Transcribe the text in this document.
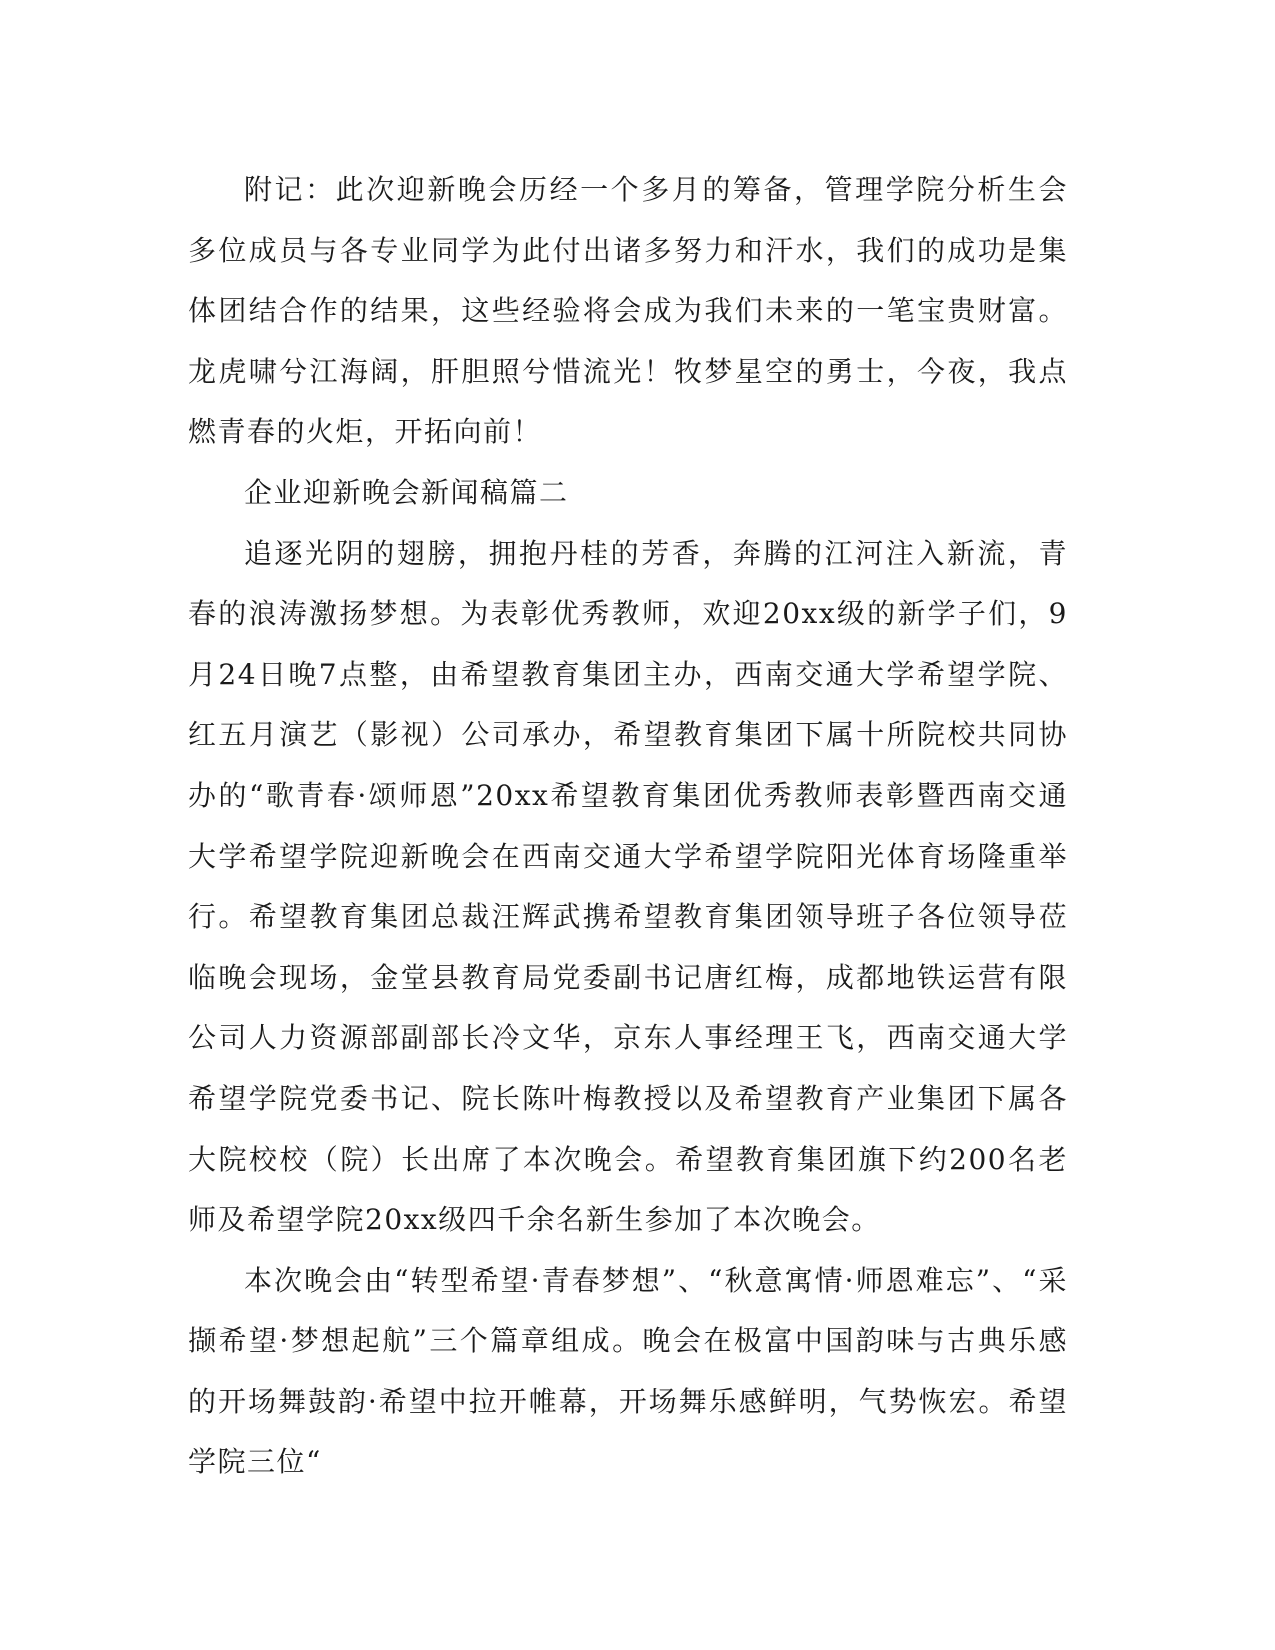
附记：此次迎新晚会历经一个多月的筹备，管理学院分析生会多位成员与各专业同学为此付出诸多努力和汗水，我们的成功是集体团结合作的结果，这些经验将会成为我们未来的一笔宝贵财富。龙虎啸兮江海阔，肝胆照兮惜流光！牧梦星空的勇士，今夜，我点燃青春的火炬，开拓向前！

企业迎新晚会新闻稿篇二

追逐光阴的翅膀，拥抱丹桂的芳香，奔腾的江河注入新流，青春的浪涛激扬梦想。为表彰优秀教师，欢迎20xx级的新学子们，9月24日晚7点整，由希望教育集团主办，西南交通大学希望学院、红五月演艺（影视）公司承办，希望教育集团下属十所院校共同协办的“歌青春·颂师恩”20xx希望教育集团优秀教师表彰暨西南交通大学希望学院迎新晚会在西南交通大学希望学院阳光体育场隆重举行。希望教育集团总裁汪辉武携希望教育集团领导班子各位领导莅临晚会现场，金堂县教育局党委副书记唐红梅，成都地铁运营有限公司人力资源部副部长冷文华，京东人事经理王飞，西南交通大学希望学院党委书记、院长陈叶梅教授以及希望教育产业集团下属各大院校校（院）长出席了本次晚会。希望教育集团旗下约200名老师及希望学院20xx级四千余名新生参加了本次晚会。

本次晚会由“转型希望·青春梦想”、“秋意寓情·师恩难忘”、“采撷希望·梦想起航”三个篇章组成。晚会在极富中国韵味与古典乐感的开场舞鼓韵·希望中拉开帷幕，开场舞乐感鲜明，气势恢宏。希望学院三位“
